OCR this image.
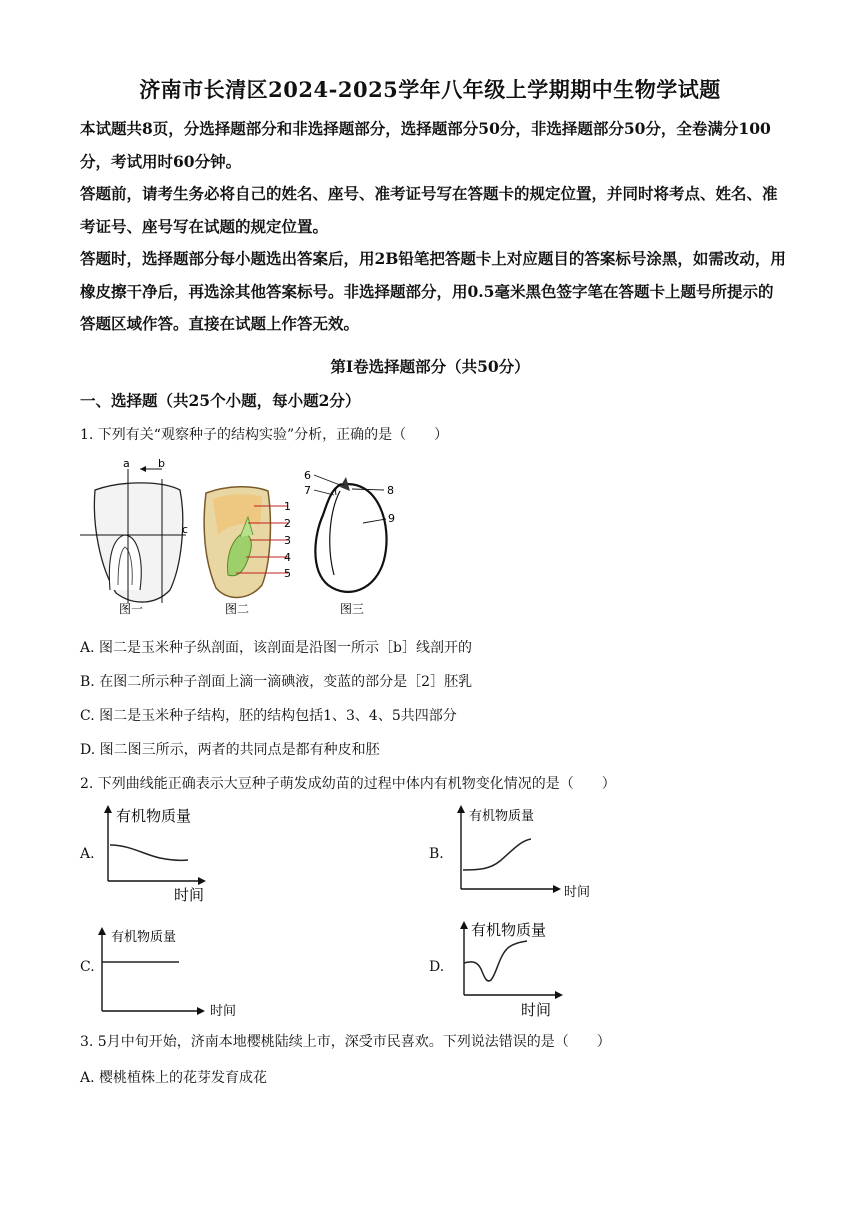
济南市长清区2024-2025学年八年级上学期期中生物学试题
本试题共8页，分选择题部分和非选择题部分，选择题部分50分，非选择题部分50分，全卷满分100分，考试用时60分钟。
答题前，请考生务必将自己的姓名、座号、准考证号写在答题卡的规定位置，并同时将考点、姓名、准考证号、座号写在试题的规定位置。
答题时，选择题部分每小题选出答案后，用2B铅笔把答题卡上对应题目的答案标号涂黑，如需改动，用橡皮擦干净后，再选涂其他答案标号。非选择题部分，用0.5毫米黑色签字笔在答题卡上题号所提示的答题区域作答。直接在试题上作答无效。
第I卷选择题部分（共50分）
一、选择题（共25个小题，每小题2分）
1. 下列有关“观察种子的结构实验”分析，正确的是（　　）
a	b
c
图一
1
2
3
4
5
图二
6
7	8
9
图三
A. 图二是玉米种子纵剖面，该剖面是沿图一所示［b］线剖开的
B. 在图二所示种子剖面上滴一滴碘液，变蓝的部分是［2］胚乳
C. 图二是玉米种子结构，胚的结构包括1、3、4、5共四部分
D. 图二图三所示，两者的共同点是都有种皮和胚
2. 下列曲线能正确表示大豆种子萌发成幼苗的过程中体内有机物变化情况的是（　　）
A.
有机物质量
时间
B.
有机物质量
时间
C.
有机物质量
时间
D.
有机物质量
时间
3. 5月中旬开始，济南本地樱桃陆续上市，深受市民喜欢。下列说法错误的是（　　）
A. 樱桃植株上的花芽发育成花
